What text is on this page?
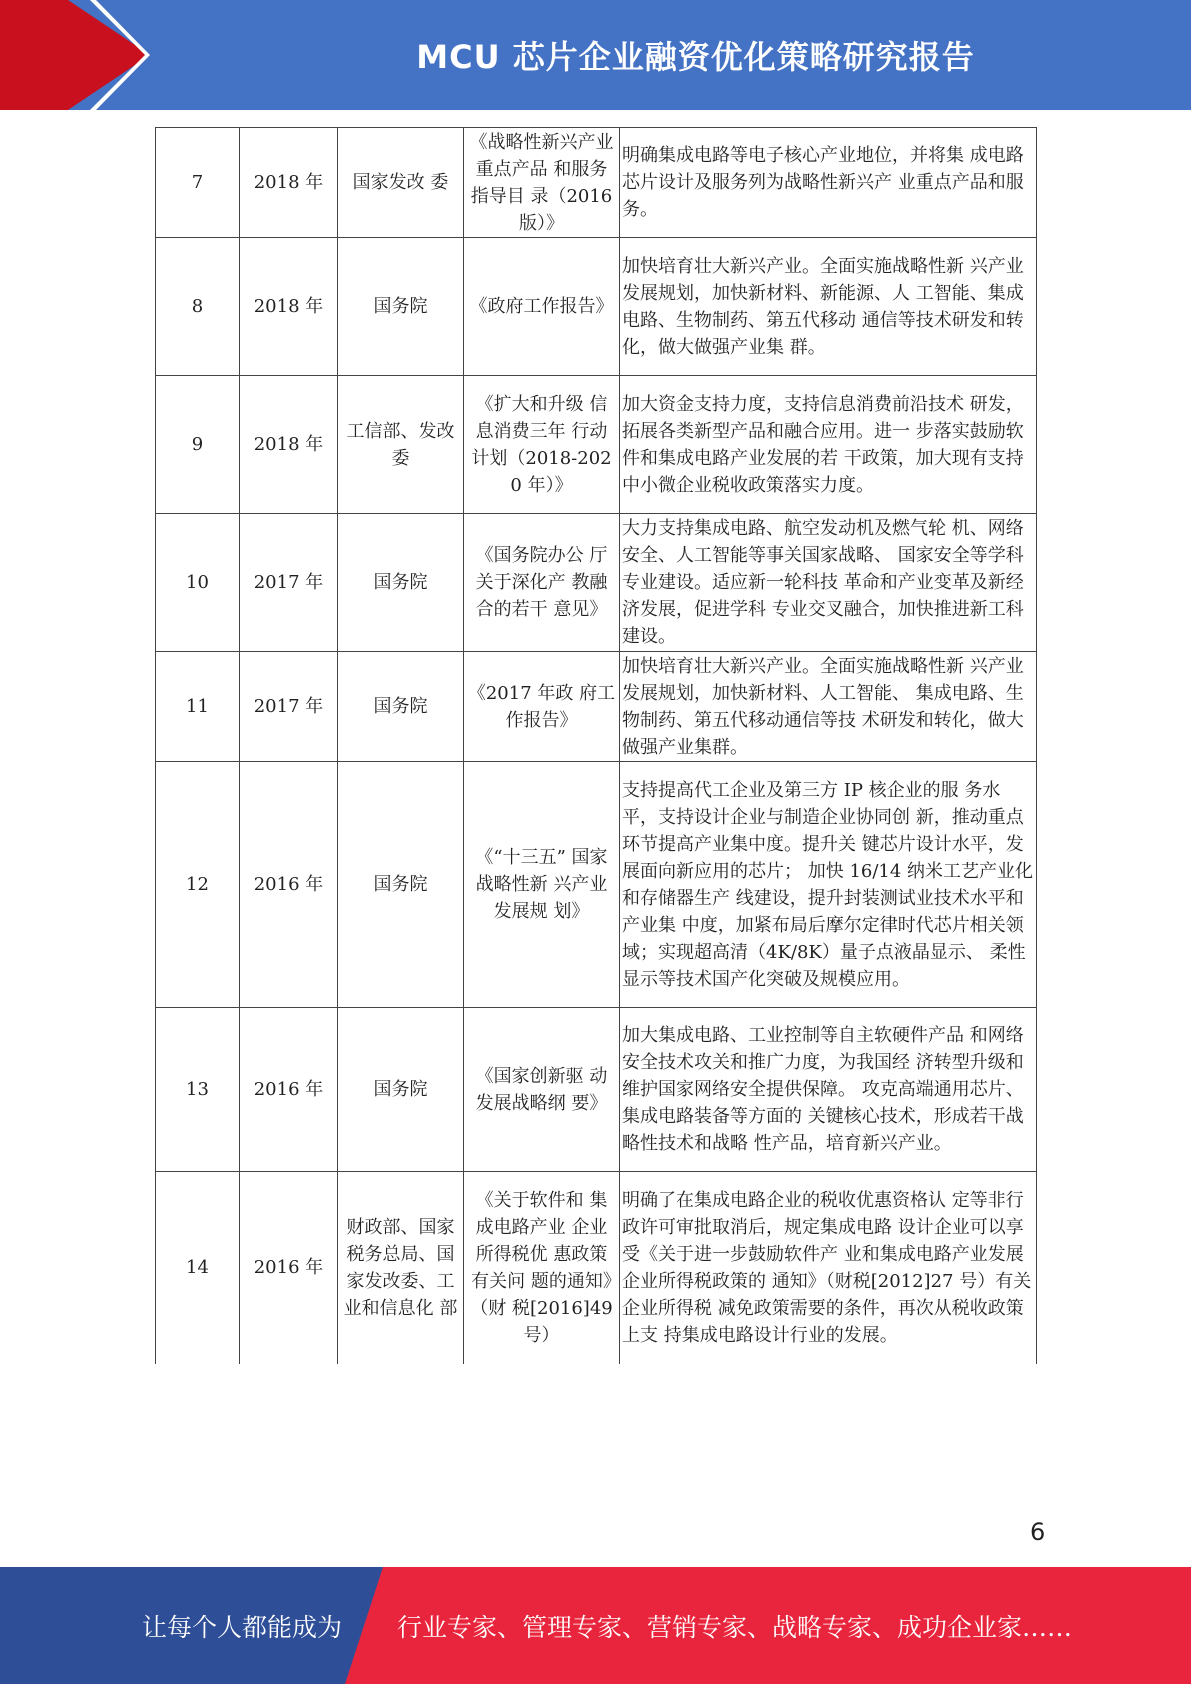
MCU 芯片企业融资优化策略研究报告
7	2018 年	国家发改 委	《战略性新兴产业重点产品 和服务指导目 录（2016 版）》	明确集成电路等电子核心产业地位，并将集 成电路芯片设计及服务列为战略性新兴产 业重点产品和服务。
8	2018 年	国务院	《政府工作报告》	加快培育壮大新兴产业。全面实施战略性新 兴产业发展规划，加快新材料、新能源、人 工智能、集成电路、生物制药、第五代移动 通信等技术研发和转化，做大做强产业集 群。
9	2018 年	工信部、发改委	《扩大和升级 信息消费三年 行动计划（2018-2020 年）》	加大资金支持力度，支持信息消费前沿技术 研发，拓展各类新型产品和融合应用。进一 步落实鼓励软件和集成电路产业发展的若 干政策，加大现有支持中小微企业税收政策落实力度。
10	2017 年	国务院	《国务院办公 厅关于深化产 教融合的若干 意见》	大力支持集成电路、航空发动机及燃气轮 机、网络安全、人工智能等事关国家战略、 国家安全等学科专业建设。适应新一轮科技 革命和产业变革及新经济发展，促进学科 专业交叉融合，加快推进新工科建设。
11	2017 年	国务院	《2017 年政 府工作报告》	加快培育壮大新兴产业。全面实施战略性新 兴产业发展规划，加快新材料、人工智能、 集成电路、生物制药、第五代移动通信等技 术研发和转化，做大做强产业集群。
12	2016 年	国务院	《“十三五” 国家战略性新 兴产业发展规 划》	支持提高代工企业及第三方 IP 核企业的服 务水平，支持设计企业与制造企业协同创 新，推动重点环节提高产业集中度。提升关 键芯片设计水平，发展面向新应用的芯片； 加快 16/14 纳米工艺产业化和存储器生产 线建设，提升封装测试业技术水平和产业集 中度，加紧布局后摩尔定律时代芯片相关领 域；实现超高清（4K/8K）量子点液晶显示、 柔性显示等技术国产化突破及规模应用。
13	2016 年	国务院	《国家创新驱 动发展战略纲 要》	加大集成电路、工业控制等自主软硬件产品 和网络安全技术攻关和推广力度，为我国经 济转型升级和维护国家网络安全提供保障。 攻克高端通用芯片、集成电路装备等方面的 关键核心技术，形成若干战略性技术和战略 性产品，培育新兴产业。
14	2016 年	财政部、国家税务总局、国家发改委、工业和信息化 部	《关于软件和 集成电路产业 企业所得税优 惠政策有关问 题的通知》（财 税[2016]49 号）	明确了在集成电路企业的税收优惠资格认 定等非行政许可审批取消后，规定集成电路 设计企业可以享受《关于进一步鼓励软件产 业和集成电路产业发展企业所得税政策的 通知》（财税[2012]27 号）有关企业所得税 减免政策需要的条件，再次从税收政策上支 持集成电路设计行业的发展。
6
让每个人都能成为 行业专家、管理专家、营销专家、战略专家、成功企业家……
